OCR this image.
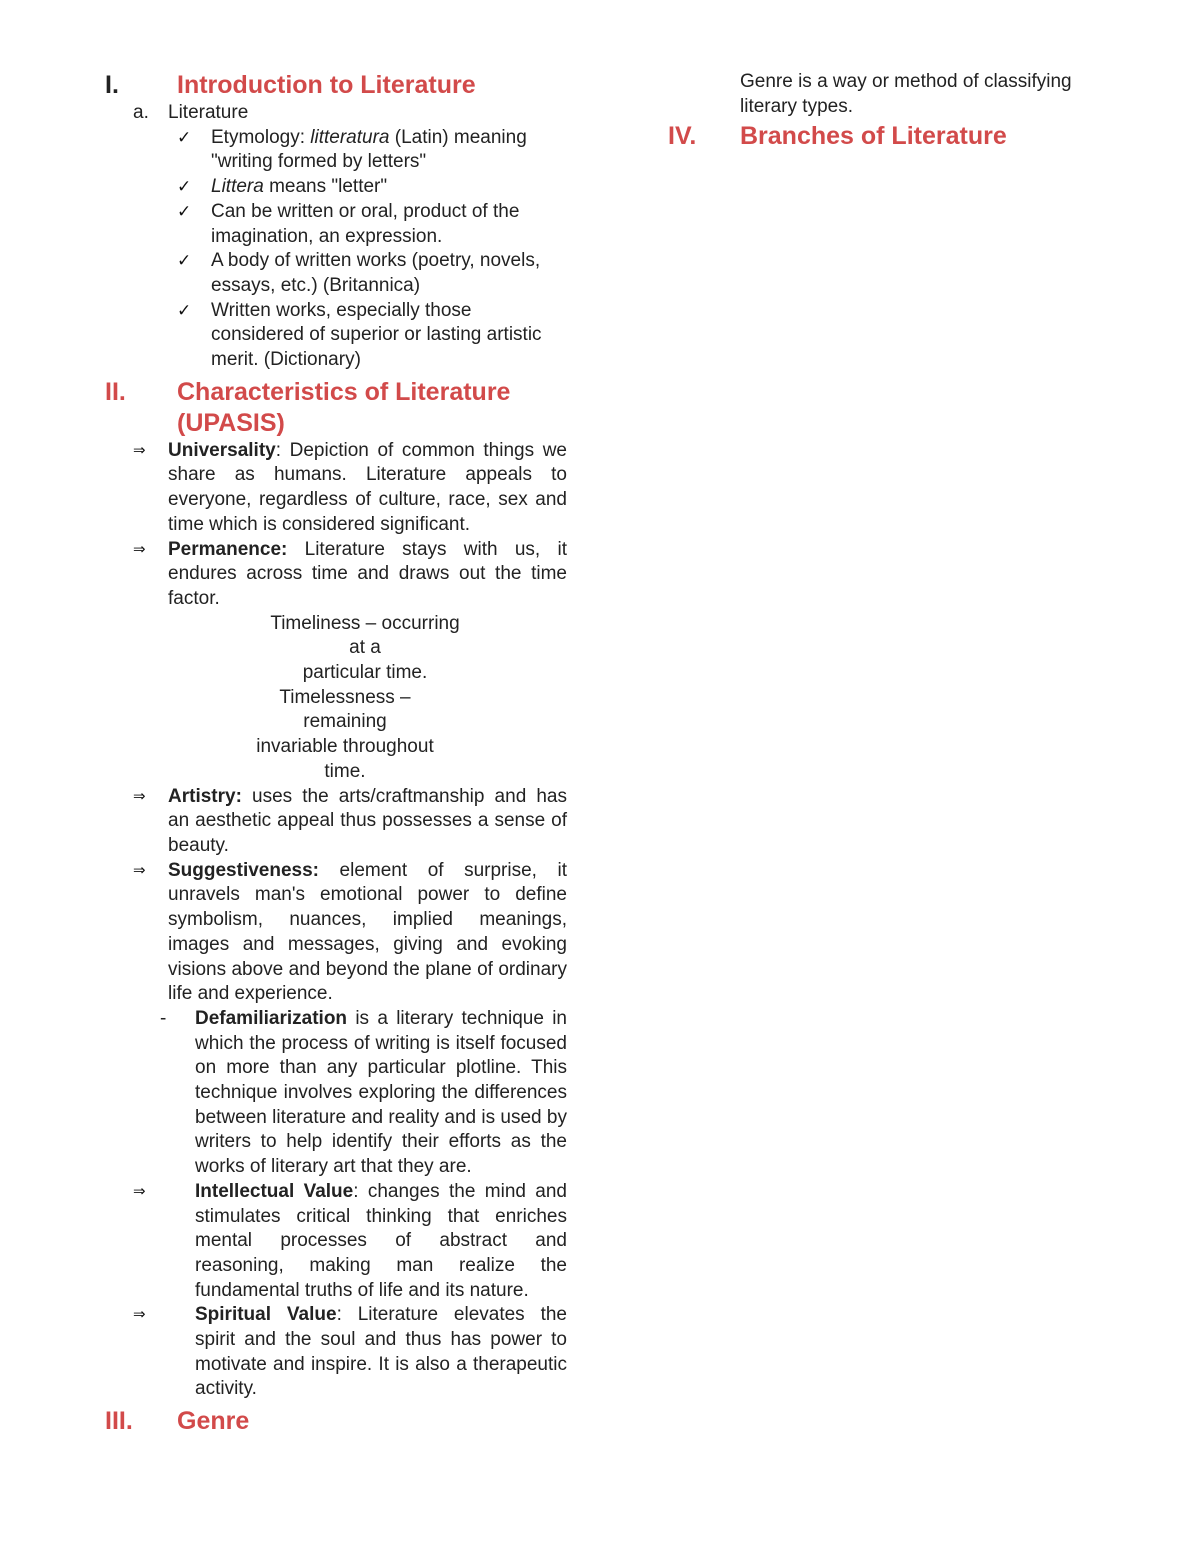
I.	Introduction to Literature
a.	Literature
✓	Etymology: litteratura (Latin) meaning "writing formed by letters"
✓	Littera means "letter"
✓	Can be written or oral, product of the imagination, an expression.
✓	A body of written works (poetry, novels, essays, etc.) (Britannica)
✓	Written works, especially those considered of superior or lasting artistic merit. (Dictionary)
II.	Characteristics of Literature
(UPASIS)
⇒	Universality: Depiction of common things we share as humans. Literature appeals to everyone, regardless of culture, race, sex and time which is considered significant.
⇒	Permanence: Literature stays with us, it endures across time and draws out the time factor.
Timeliness – occurring at a
particular time.
Timelessness – remaining
invariable throughout time.
⇒	Artistry: uses the arts/craftmanship and has an aesthetic appeal thus possesses a sense of beauty.
⇒	Suggestiveness: element of surprise, it unravels man's emotional power to define symbolism, nuances, implied meanings, images and messages, giving and evoking visions above and beyond the plane of ordinary life and experience.
-	Defamiliarization is a literary technique in which the process of writing is itself focused on more than any particular plotline. This technique involves exploring the differences between literature and reality and is used by writers to help identify their efforts as the works of literary art that they are.
⇒	Intellectual Value: changes the mind and stimulates critical thinking that enriches mental processes of abstract and reasoning, making man realize the fundamental truths of life and its nature.
⇒	Spiritual Value: Literature elevates the spirit and the soul and thus has power to motivate and inspire. It is also a therapeutic activity.
III.	Genre
Genre is a way or method of classifying literary types.
IV.	Branches of Literature
